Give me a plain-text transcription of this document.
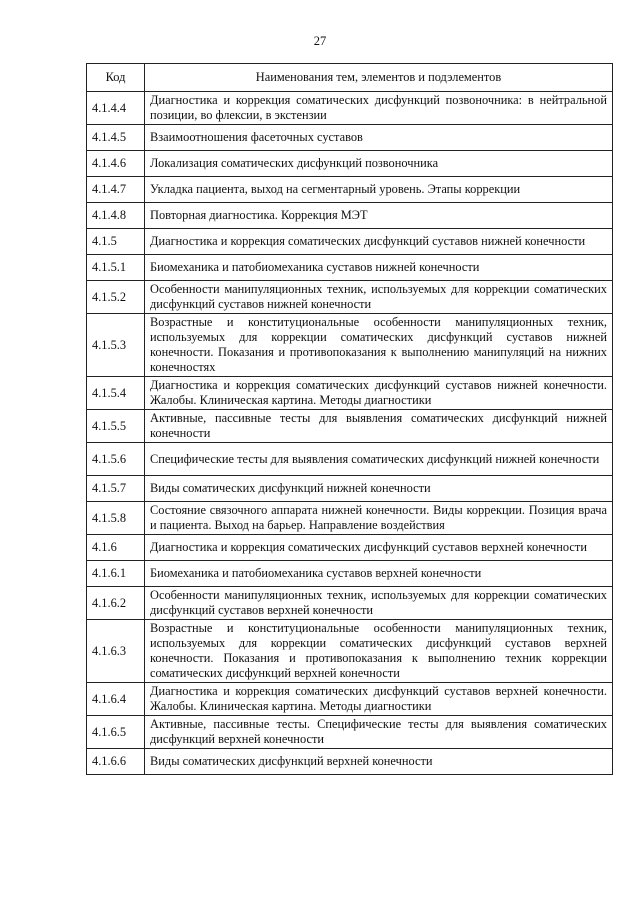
27
Код	Наименования тем, элементов и подэлементов
4.1.4.4	Диагностика и коррекция соматических дисфункций позвоночника: в нейтральной позиции, во флексии, в экстензии
4.1.4.5	Взаимоотношения фасеточных суставов
4.1.4.6	Локализация соматических дисфункций позвоночника
4.1.4.7	Укладка пациента, выход на сегментарный уровень. Этапы коррекции
4.1.4.8	Повторная диагностика. Коррекция МЭТ
4.1.5	Диагностика и коррекция соматических дисфункций суставов нижней конечности
4.1.5.1	Биомеханика и патобиомеханика суставов нижней конечности
4.1.5.2	Особенности манипуляционных техник, используемых для коррекции соматических дисфункций суставов нижней конечности
4.1.5.3	Возрастные и конституциональные особенности манипуляционных техник, используемых для коррекции соматических дисфункций суставов нижней конечности. Показания и противопоказания к выполнению манипуляций на нижних конечностях
4.1.5.4	Диагностика и коррекция соматических дисфункций суставов нижней конечности. Жалобы. Клиническая картина. Методы диагностики
4.1.5.5	Активные, пассивные тесты для выявления соматических дисфункций нижней конечности
4.1.5.6	Специфические тесты для выявления соматических дисфункций нижней конечности
4.1.5.7	Виды соматических дисфункций нижней конечности
4.1.5.8	Состояние связочного аппарата нижней конечности. Виды коррекции. Позиция врача и пациента. Выход на барьер. Направление воздействия
4.1.6	Диагностика и коррекция соматических дисфункций суставов верхней конечности
4.1.6.1	Биомеханика и патобиомеханика суставов верхней конечности
4.1.6.2	Особенности манипуляционных техник, используемых для коррекции соматических дисфункций суставов верхней конечности
4.1.6.3	Возрастные и конституциональные особенности манипуляционных техник, используемых для коррекции соматических дисфункций суставов верхней конечности. Показания и противопоказания к выполнению техник коррекции соматических дисфункций верхней конечности
4.1.6.4	Диагностика и коррекция соматических дисфункций суставов верхней конечности. Жалобы. Клиническая картина. Методы диагностики
4.1.6.5	Активные, пассивные тесты. Специфические тесты для выявления соматических дисфункций верхней конечности
4.1.6.6	Виды соматических дисфункций верхней конечности
